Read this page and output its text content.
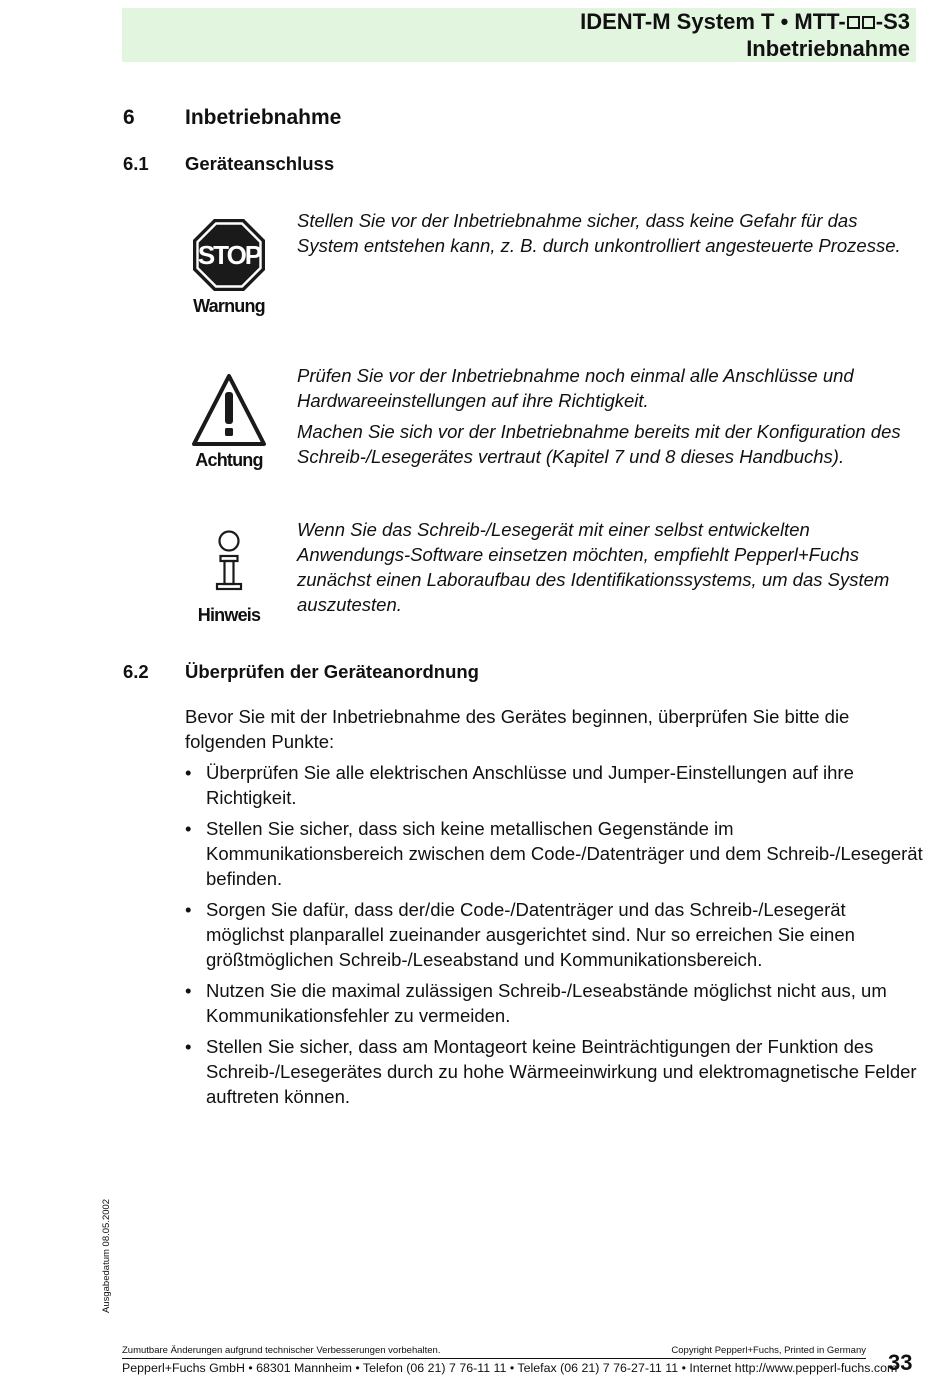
IDENT-M System T • MTT- -S3
Inbetriebnahme
6 Inbetriebnahme
6.1 Geräteanschluss
STOP
Warnung

Stellen Sie vor der Inbetriebnahme sicher, dass keine Gefahr für das System entstehen kann, z. B. durch unkontrolliert angesteuerte Prozesse.

Achtung

Prüfen Sie vor der Inbetriebnahme noch einmal alle Anschlüsse und Hardwareeinstellungen auf ihre Richtigkeit.

Machen Sie sich vor der Inbetriebnahme bereits mit der Konfiguration des Schreib-/Lesegerätes vertraut (Kapitel 7 und 8 dieses Handbuchs).

Hinweis

Wenn Sie das Schreib-/Lesegerät mit einer selbst entwickelten Anwendungs-Software einsetzen möchten, empfiehlt Pepperl+Fuchs zunächst einen Laboraufbau des Identifikationssystems, um das System auszutesten.

6.2 Überprüfen der Geräteanordnung

Bevor Sie mit der Inbetriebnahme des Gerätes beginnen, überprüfen Sie bitte die folgenden Punkte:

• Überprüfen Sie alle elektrischen Anschlüsse und Jumper-Einstellungen auf ihre Richtigkeit.
• Stellen Sie sicher, dass sich keine metallischen Gegenstände im Kommunikationsbereich zwischen dem Code-/Datenträger und dem Schreib-/Lesegerät befinden.
• Sorgen Sie dafür, dass der/die Code-/Datenträger und das Schreib-/Lesegerät möglichst planparallel zueinander ausgerichtet sind. Nur so erreichen Sie einen größtmöglichen Schreib-/Leseabstand und Kommunikationsbereich.
• Nutzen Sie die maximal zulässigen Schreib-/Leseabstände möglichst nicht aus, um Kommunikationsfehler zu vermeiden.
• Stellen Sie sicher, dass am Montageort keine Beinträchtigungen der Funktion des Schreib-/Lesegerätes durch zu hohe Wärmeeinwirkung und elektromagnetische Felder auftreten können.
Ausgabedatum 08.05.2002
Zumutbare Änderungen aufgrund technischer Verbesserungen vorbehalten.	Copyright Pepperl+Fuchs, Printed in Germany
Pepperl+Fuchs GmbH • 68301 Mannheim • Telefon (06 21) 7 76-11 11 • Telefax (06 21) 7 76-27-11 11 • Internet http://www.pepperl-fuchs.com
33
